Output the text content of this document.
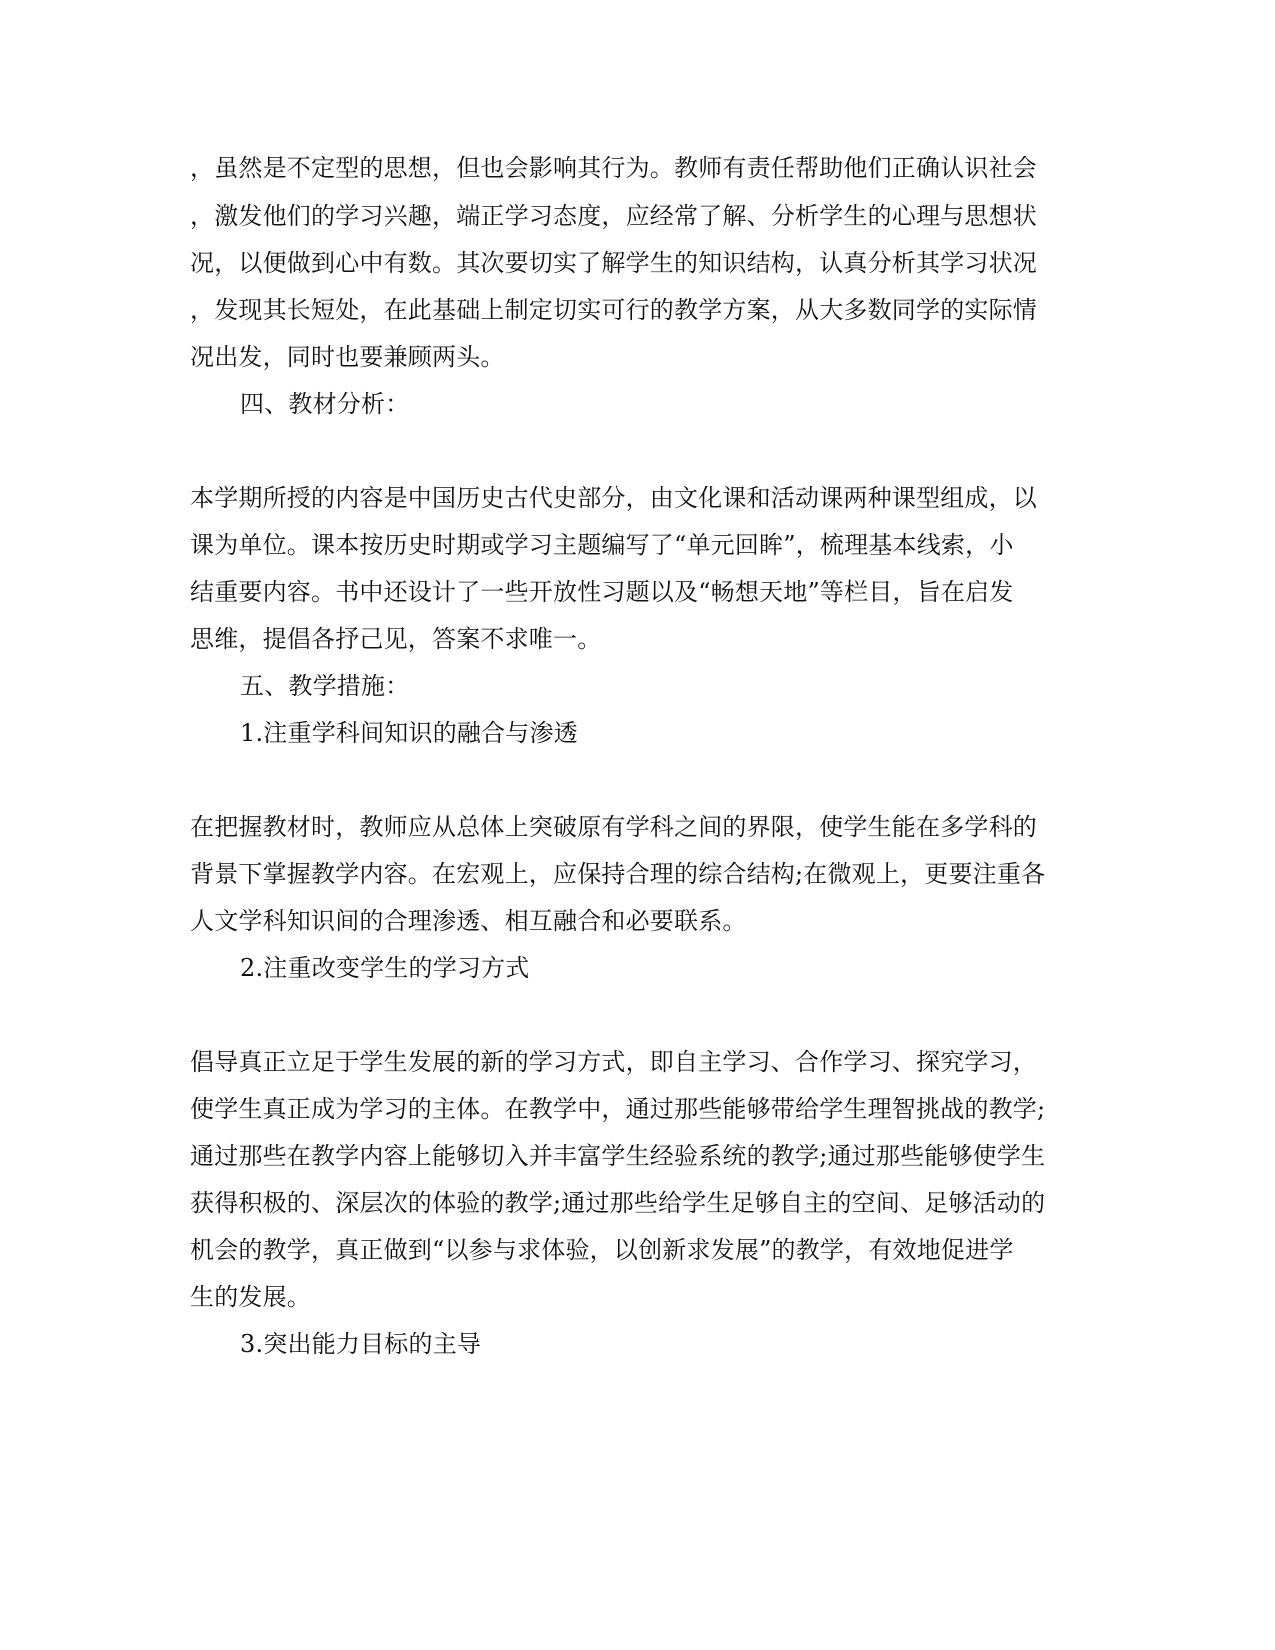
，虽然是不定型的思想，但也会影响其行为。教师有责任帮助他们正确认识社会

，激发他们的学习兴趣，端正学习态度，应经常了解、分析学生的心理与思想状

况，以便做到心中有数。其次要切实了解学生的知识结构，认真分析其学习状况

，发现其长短处，在此基础上制定切实可行的教学方案，从大多数同学的实际情

况出发，同时也要兼顾两头。

四、教材分析：

本学期所授的内容是中国历史古代史部分，由文化课和活动课两种课型组成，以

课为单位。课本按历史时期或学习主题编写了“单元回眸”，梳理基本线索，小

结重要内容。书中还设计了一些开放性习题以及“畅想天地”等栏目，旨在启发

思维，提倡各抒己见，答案不求唯一。

五、教学措施：

1.注重学科间知识的融合与渗透

在把握教材时，教师应从总体上突破原有学科之间的界限，使学生能在多学科的

背景下掌握教学内容。在宏观上，应保持合理的综合结构;在微观上，更要注重各

人文学科知识间的合理渗透、相互融合和必要联系。

2.注重改变学生的学习方式

倡导真正立足于学生发展的新的学习方式，即自主学习、合作学习、探究学习，

使学生真正成为学习的主体。在教学中，通过那些能够带给学生理智挑战的教学;

通过那些在教学内容上能够切入并丰富学生经验系统的教学;通过那些能够使学生

获得积极的、深层次的体验的教学;通过那些给学生足够自主的空间、足够活动的

机会的教学，真正做到“以参与求体验，以创新求发展”的教学，有效地促进学

生的发展。

3.突出能力目标的主导
